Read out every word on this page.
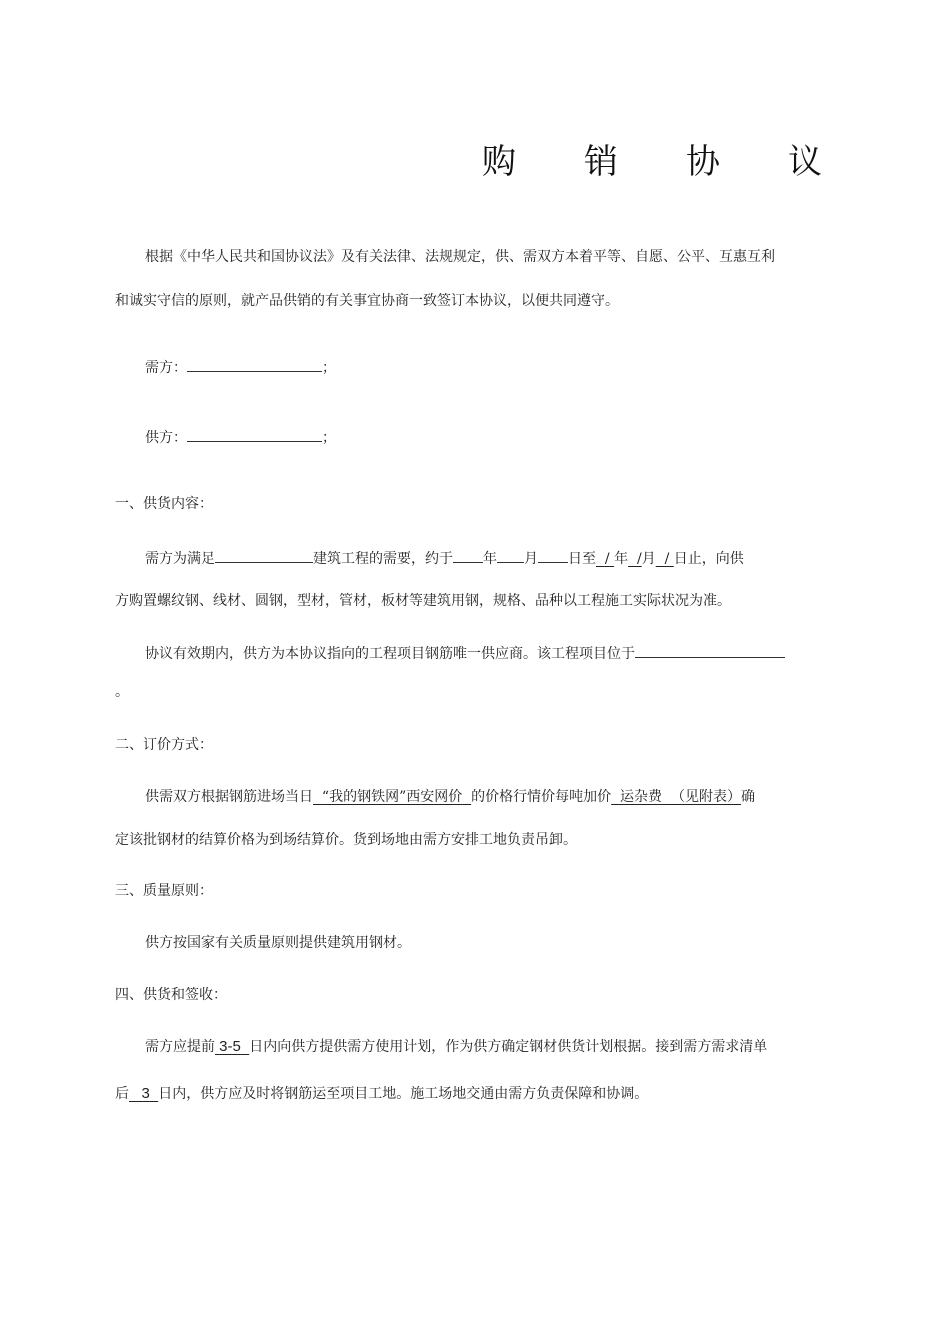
购 销 协 议
根据《中华人民共和国协议法》及有关法律、法规规定，供、需双方本着平等、自愿、公平、互惠互利
和诚实守信的原则，就产品供销的有关事宜协商一致签订本协议，以便共同遵守。
需方：	；
供方：	；
一、供货内容：
需方为满足	建筑工程的需要，约于 年 月 日至 / 年 /月 / 日止，向供
方购置螺纹钢、线材、圆钢，型材，管材，板材等建筑用钢，规格、品种以工程施工实际状况为准。
协议有效期内，供方为本协议指向的工程项目钢筋唯一供应商。该工程项目位于
。
二、订价方式：
供需双方根据钢筋进场当日 “我的钢铁网”西安网价 的价格行情价每吨加价 运杂费 （见附表）确
定该批钢材的结算价格为到场结算价。货到场地由需方安排工地负责吊卸。
三、质量原则：
供方按国家有关质量原则提供建筑用钢材。
四、供货和签收：
需方应提前 3-5 日内向供方提供需方使用计划，作为供方确定钢材供货计划根据。接到需方需求清单
后 3 日内，供方应及时将钢筋运至项目工地。施工场地交通由需方负责保障和协调。
